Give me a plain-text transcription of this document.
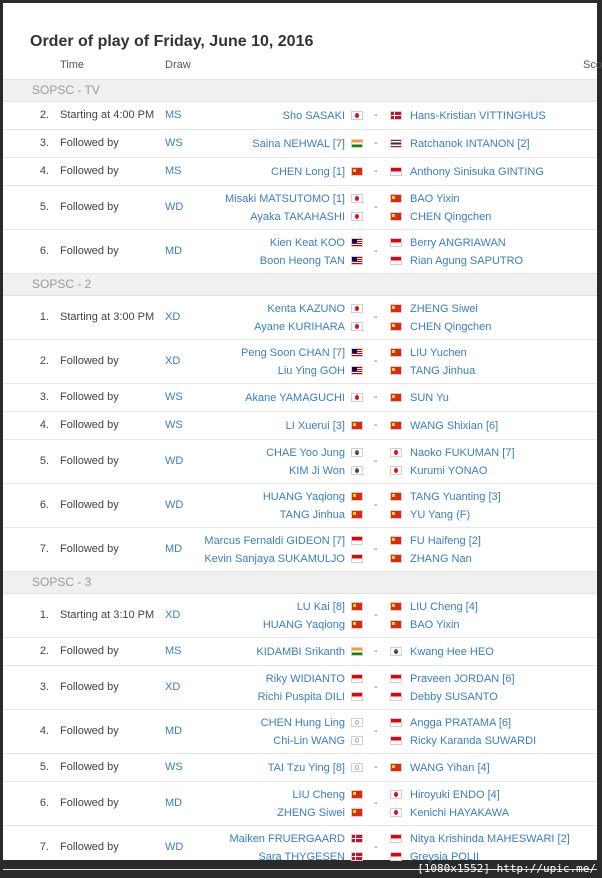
Order of play of Friday, June 10, 2016
Time	Draw	Sco
SOPSC - TV
2. Starting at 4:00 PM MS	Sho SASAKI	Hans-Kristian VITTINGHUS
-
3. Followed by	WS	Saina NEHWAL [7]	Ratchanok INTANON [2]
-
4. Followed by	MS	CHEN Long [1]	Anthony Sinisuka GINTING
-
5. Followed by	WD
Misaki MATSUTOMO [1]	BAO Yixin
Ayaka TAKAHASHI	CHEN Qingchen
-
6. Followed by	MD
Kien Keat KOO	Berry ANGRIAWAN
Boon Heong TAN	Rian Agung SAPUTRO
-
SOPSC - 2
1. Starting at 3:00 PM XD
Kenta KAZUNO	ZHENG Siwei
Ayane KURIHARA	CHEN Qingchen
-
2. Followed by	XD
Peng Soon CHAN [7]	LIU Yuchen
Liu Ying GOH	TANG Jinhua
-
3. Followed by	WS	Akane YAMAGUCHI	SUN Yu
-
4. Followed by	WS	LI Xuerui [3]	WANG Shixian [6]
-
5. Followed by	WD
CHAE Yoo Jung	Naoko FUKUMAN [7]
KIM Ji Won	Kurumi YONAO
-
6. Followed by	WD
HUANG Yaqiong	TANG Yuanting [3]
TANG Jinhua	YU Yang (F)
-
7. Followed by	MD
Marcus Fernaldi GIDEON [7]	FU Haifeng [2]
Kevin Sanjaya SUKAMULJO	ZHANG Nan
-
SOPSC - 3
1. Starting at 3:10 PM XD
LU Kai [8]	LIU Cheng [4]
HUANG Yaqiong	BAO Yixin
-
2. Followed by	MS	KIDAMBI Srikanth	Kwang Hee HEO
-
3. Followed by	XD
Riky WIDIANTO	Praveen JORDAN [6]
Richi Puspita DILI	Debby SUSANTO
-
4. Followed by	MD
CHEN Hung Ling	Angga PRATAMA [6]
Chi-Lin WANG	Ricky Karanda SUWARDI
-
5. Followed by	WS	TAI Tzu Ying [8]	WANG Yihan [4]
-
6. Followed by	MD
LIU Cheng	Hiroyuki ENDO [4]
ZHENG Siwei	Kenichi HAYAKAWA
-
7. Followed by	WD
Maiken FRUERGAARD	Nitya Krishinda MAHESWARI [2]
Sara THYGESEN	Greysia POLII
-
[1080x1552] http://upic.me/
